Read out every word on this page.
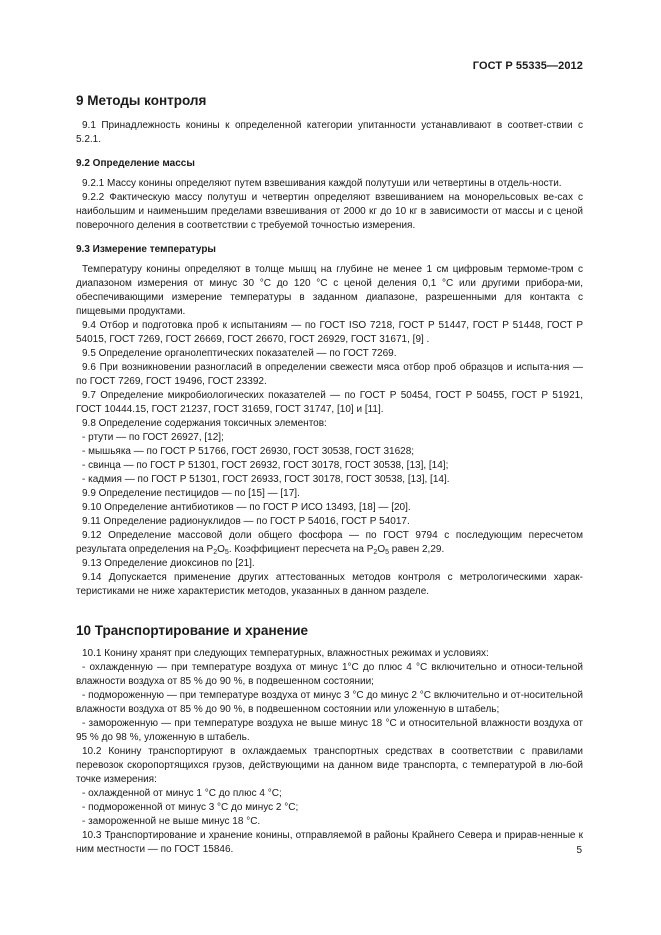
ГОСТ Р 55335—2012

9 Методы контроля

9.1 Принадлежность конины к определенной категории упитанности устанавливают в соответ-ствии с 5.2.1.

9.2 Определение массы

9.2.1 Массу конины определяют путем взвешивания каждой полутуши или четвертины в отдель-ности.

9.2.2 Фактическую массу полутуш и четвертин определяют взвешиванием на монорельсовых ве-сах с наибольшим и наименьшим пределами взвешивания от 2000 кг до 10 кг в зависимости от массы и с ценой поверочного деления в соответствии с требуемой точностью измерения.

9.3 Измерение температуры

Температуру конины определяют в толще мышц на глубине не менее 1 см цифровым термоме-тром с диапазоном измерения от минус 30 °С до 120 °С с ценой деления 0,1 °С или другими прибора-ми, обеспечивающими измерение температуры в заданном диапазоне, разрешенными для контакта с пищевыми продуктами.

9.4 Отбор и подготовка проб к испытаниям — по ГОСТ ISO 7218, ГОСТ Р 51447, ГОСТ Р 51448, ГОСТ Р 54015, ГОСТ 7269, ГОСТ 26669, ГОСТ 26670, ГОСТ 26929, ГОСТ 31671, [9] .

9.5 Определение органолептических показателей — по ГОСТ 7269.

9.6 При возникновении разногласий в определении свежести мяса отбор проб образцов и испыта-ния — по ГОСТ 7269, ГОСТ 19496, ГОСТ 23392.

9.7 Определение микробиологических показателей — по ГОСТ Р 50454, ГОСТ Р 50455, ГОСТ Р 51921, ГОСТ 10444.15, ГОСТ 21237, ГОСТ 31659, ГОСТ 31747, [10] и [11].

9.8 Определение содержания токсичных элементов:

- ртути — по ГОСТ 26927, [12];

- мышьяка — по ГОСТ Р 51766, ГОСТ 26930, ГОСТ 30538, ГОСТ 31628;

- свинца — по ГОСТ Р 51301, ГОСТ 26932, ГОСТ 30178, ГОСТ 30538, [13], [14];

- кадмия — по ГОСТ Р 51301, ГОСТ 26933, ГОСТ 30178, ГОСТ 30538, [13], [14].

9.9 Определение пестицидов — по [15] — [17].

9.10 Определение антибиотиков — по ГОСТ Р ИСО 13493, [18] — [20].

9.11 Определение радионуклидов — по ГОСТ Р 54016, ГОСТ Р 54017.

9.12 Определение массовой доли общего фосфора — по ГОСТ 9794 с последующим пересчетом результата определения на $P_2O_5$. Коэффициент пересчета на $P_2O_5$ равен 2,29.

9.13 Определение диоксинов по [21].

9.14 Допускается применение других аттестованных методов контроля с метрологическими харак-теристиками не ниже характеристик методов, указанных в данном разделе.

10 Транспортирование и хранение

10.1 Конину хранят при следующих температурных, влажностных режимах и условиях:

- охлажденную — при температуре воздуха от минус 1°С до плюс 4 °С включительно и относи-тельной влажности воздуха от 85 % до 90 %, в подвешенном состоянии;

- подмороженную — при температуре воздуха от минус 3 °С до минус 2 °С включительно и от-носительной влажности воздуха от 85 % до 90 %, в подвешенном состоянии или уложенную в штабель;

- замороженную — при температуре воздуха не выше минус 18 °С и относительной влажности воздуха от 95 % до 98 %, уложенную в штабель.

10.2 Конину транспортируют в охлаждаемых транспортных средствах в соответствии с правилами перевозок скоропортящихся грузов, действующими на данном виде транспорта, с температурой в лю-бой точке измерения:

- охлажденной от минус 1 °С до плюс 4 °С;

- подмороженной от минус 3 °С до минус 2 °С;

- замороженной не выше минус 18 °С.

10.3 Транспортирование и хранение конины, отправляемой в районы Крайнего Севера и прирав-ненные к ним местности — по ГОСТ 15846.	5
